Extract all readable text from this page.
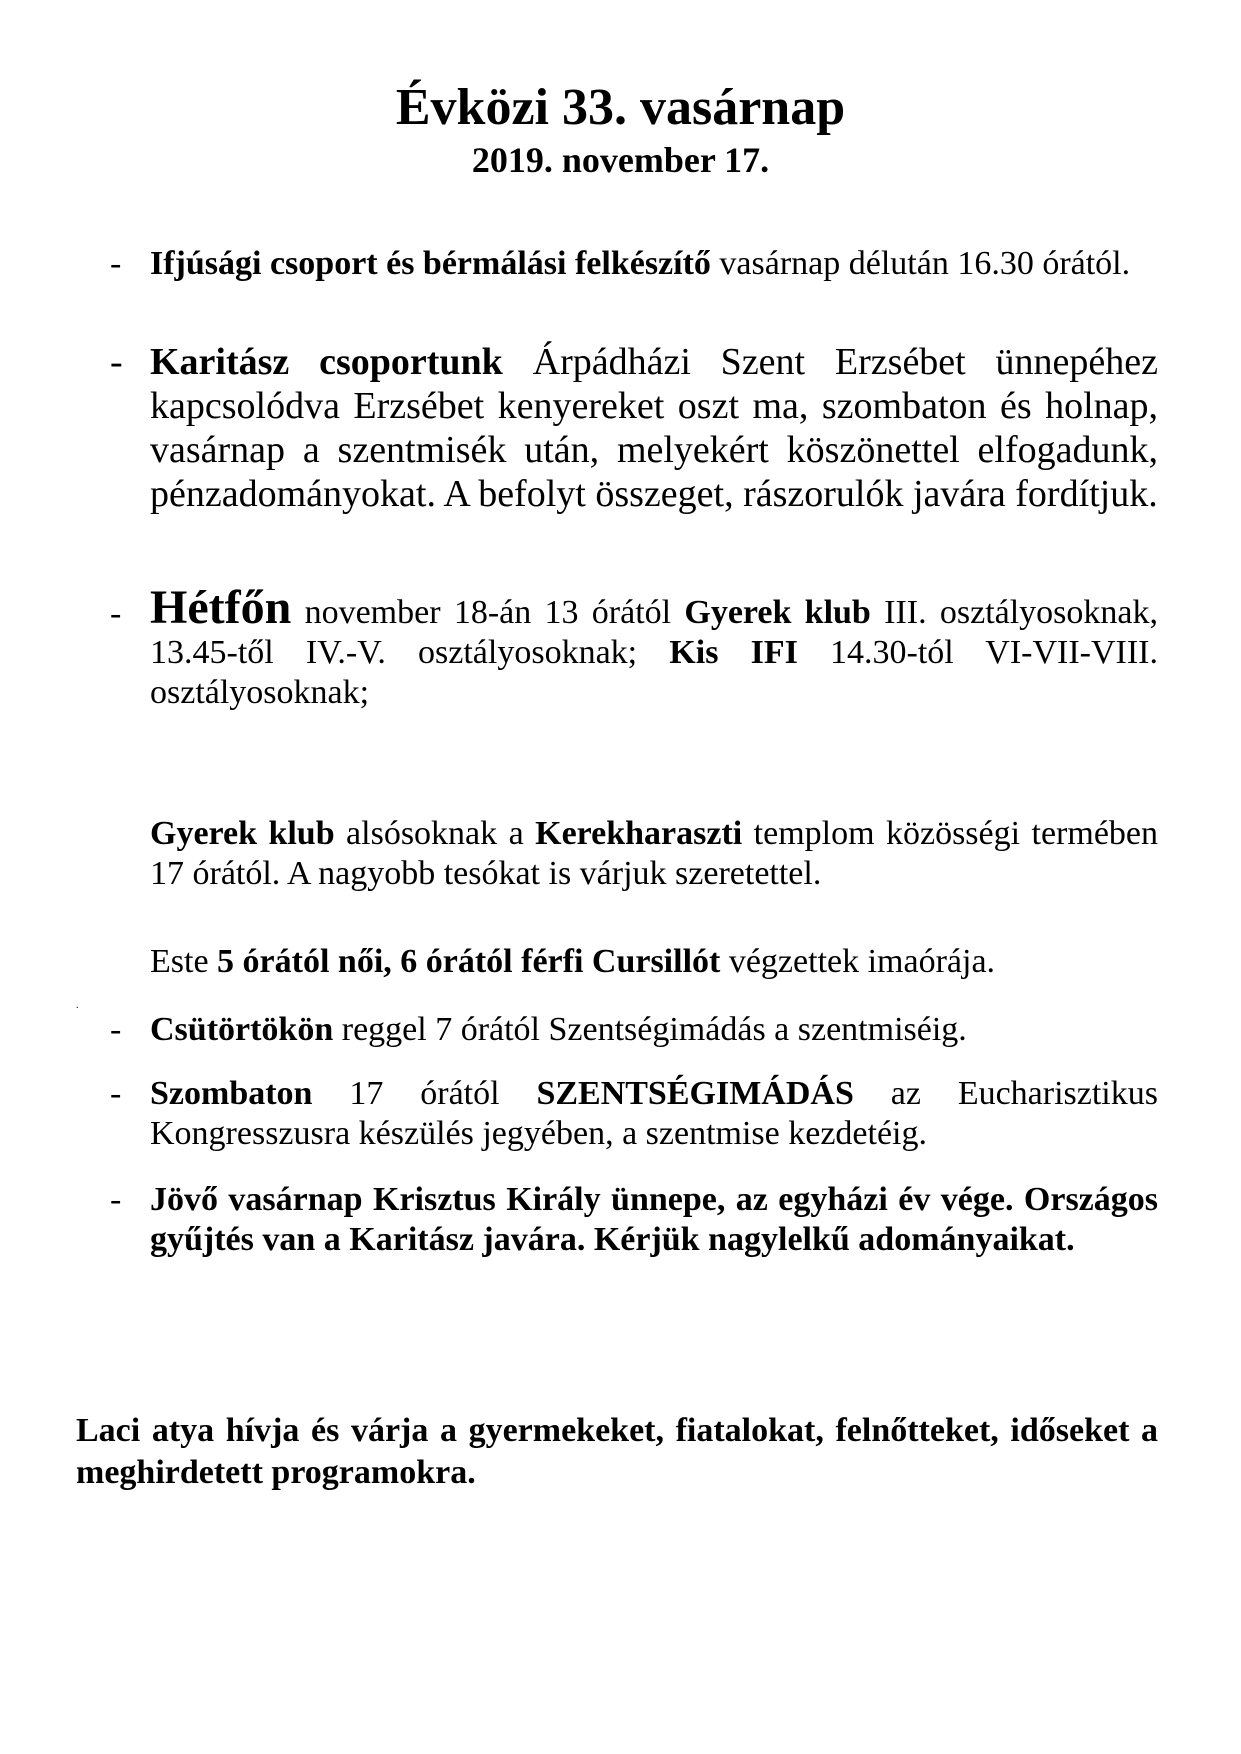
Évközi 33. vasárnap
2019. november 17.
- Ifjúsági csoport és bérmálási felkészítő vasárnap délután 16.30 órától.

- Karitász csoportunk Árpádházi Szent Erzsébet ünnepéhez kapcsolódva Erzsébet kenyereket oszt ma, szombaton és holnap, vasárnap a szentmisék után, melyekért köszönettel elfogadunk, pénzadományokat. A befolyt összeget, rászorulók javára fordítjuk.

- Hétfőn november 18-án 13 órától Gyerek klub III. osztályosoknak, 13.45-től IV.-V. osztályosoknak; Kis IFI 14.30-tól VI-VII-VIII. osztályosoknak;

Gyerek klub alsósoknak a Kerekharaszti templom közösségi termében 17 órától. A nagyobb tesókat is várjuk szeretettel.
Este 5 órától női, 6 órától férfi Cursillót végzettek imaórája.
.
- Csütörtökön reggel 7 órától Szentségimádás a szentmiséig.

- Szombaton 17 órától SZENTSÉGIMÁDÁS az Eucharisztikus Kongresszusra készülés jegyében, a szentmise kezdetéig.

- Jövő vasárnap Krisztus Király ünnepe, az egyházi év vége. Országos gyűjtés van a Karitász javára. Kérjük nagylelkű adományaikat.

Laci atya hívja és várja a gyermekeket, fiatalokat, felnőtteket, időseket a meghirdetett programokra.
